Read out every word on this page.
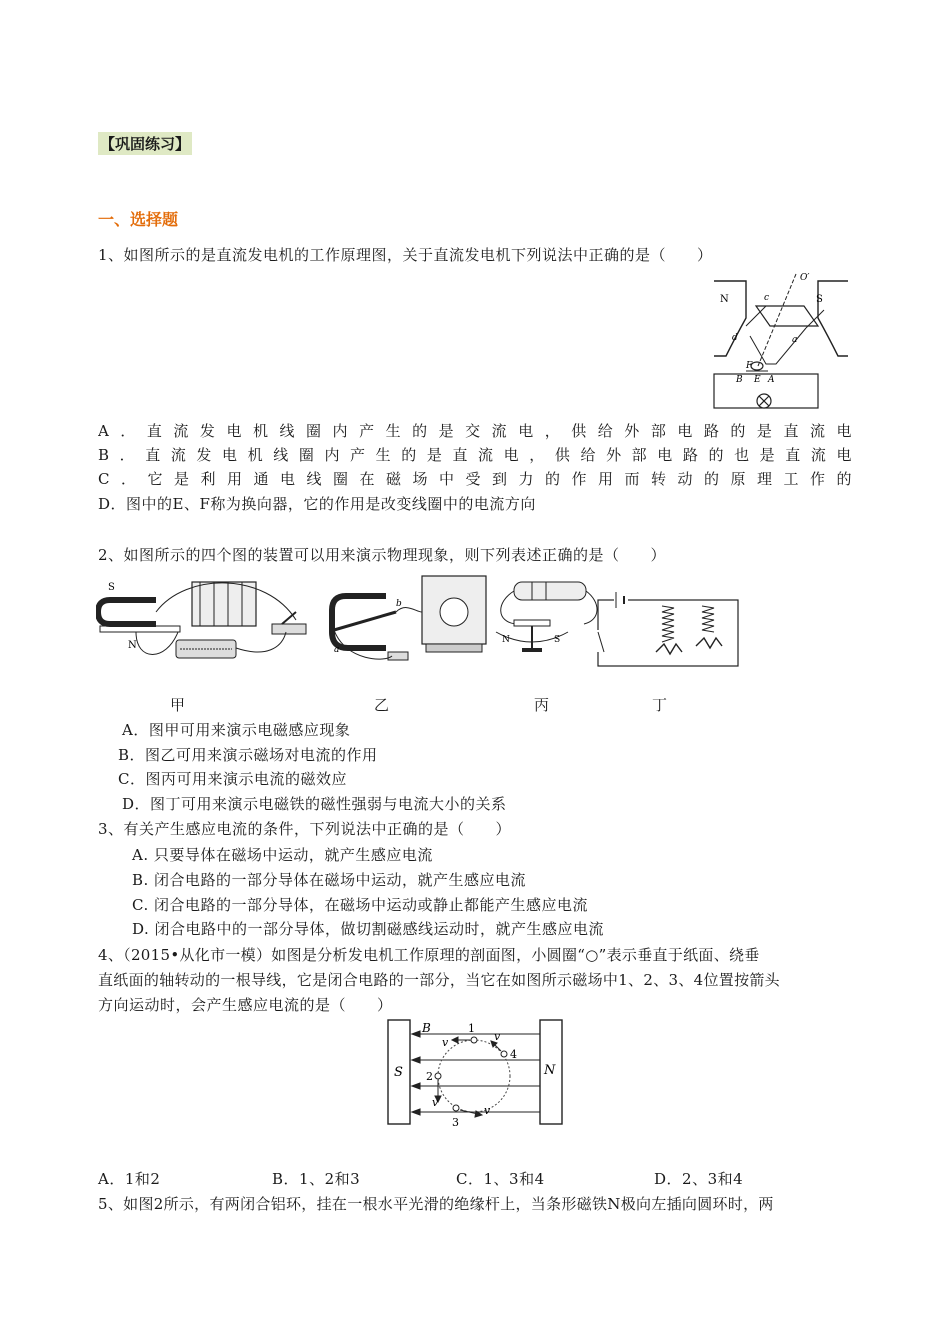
【巩固练习】
一、选择题
1、如图所示的是直流发电机的工作原理图，关于直流发电机下列说法中正确的是（　　）
N	S
c
O′
d	a
F
B E A
A．直流发电机线圈内产生的是交流电，供给外部电路的是直流电
B．直流发电机线圈内产生的是直流电，供给外部电路的也是直流电
C．它是利用通电线圈在磁场中受到力的作用而转动的原理工作的
D．图中的E、F称为换向器，它的作用是改变线圈中的电流方向
2、如图所示的四个图的装置可以用来演示物理现象，则下列表述正确的是（　　）
S
N	a
b
N	S
甲	乙	丙	丁
A．图甲可用来演示电磁感应现象
B．图乙可用来演示磁场对电流的作用
C．图丙可用来演示电流的磁效应
D．图丁可用来演示电磁铁的磁性强弱与电流大小的关系
3、有关产生感应电流的条件，下列说法中正确的是（　　）
A. 只要导体在磁场中运动，就产生感应电流
B. 闭合电路的一部分导体在磁场中运动，就产生感应电流
C. 闭合电路的一部分导体，在磁场中运动或静止都能产生感应电流
D. 闭合电路中的一部分导体，做切割磁感线运动时，就产生感应电流
4、（2015•从化市一模）如图是分析发电机工作原理的剖面图，小圆圈“○”表示垂直于纸面、绕垂
直纸面的轴转动的一根导线，它是闭合电路的一部分，当它在如图所示磁场中1、2、3、4位置按箭头
方向运动时，会产生感应电流的是（　　）
S	N
B
v	v
v
v
1
2
3
4
A．1和2	B．1、2和3	C．1、3和4	D．2、3和4
5、如图2所示，有两闭合铝环，挂在一根水平光滑的绝缘杆上，当条形磁铁N极向左插向圆环时，两
